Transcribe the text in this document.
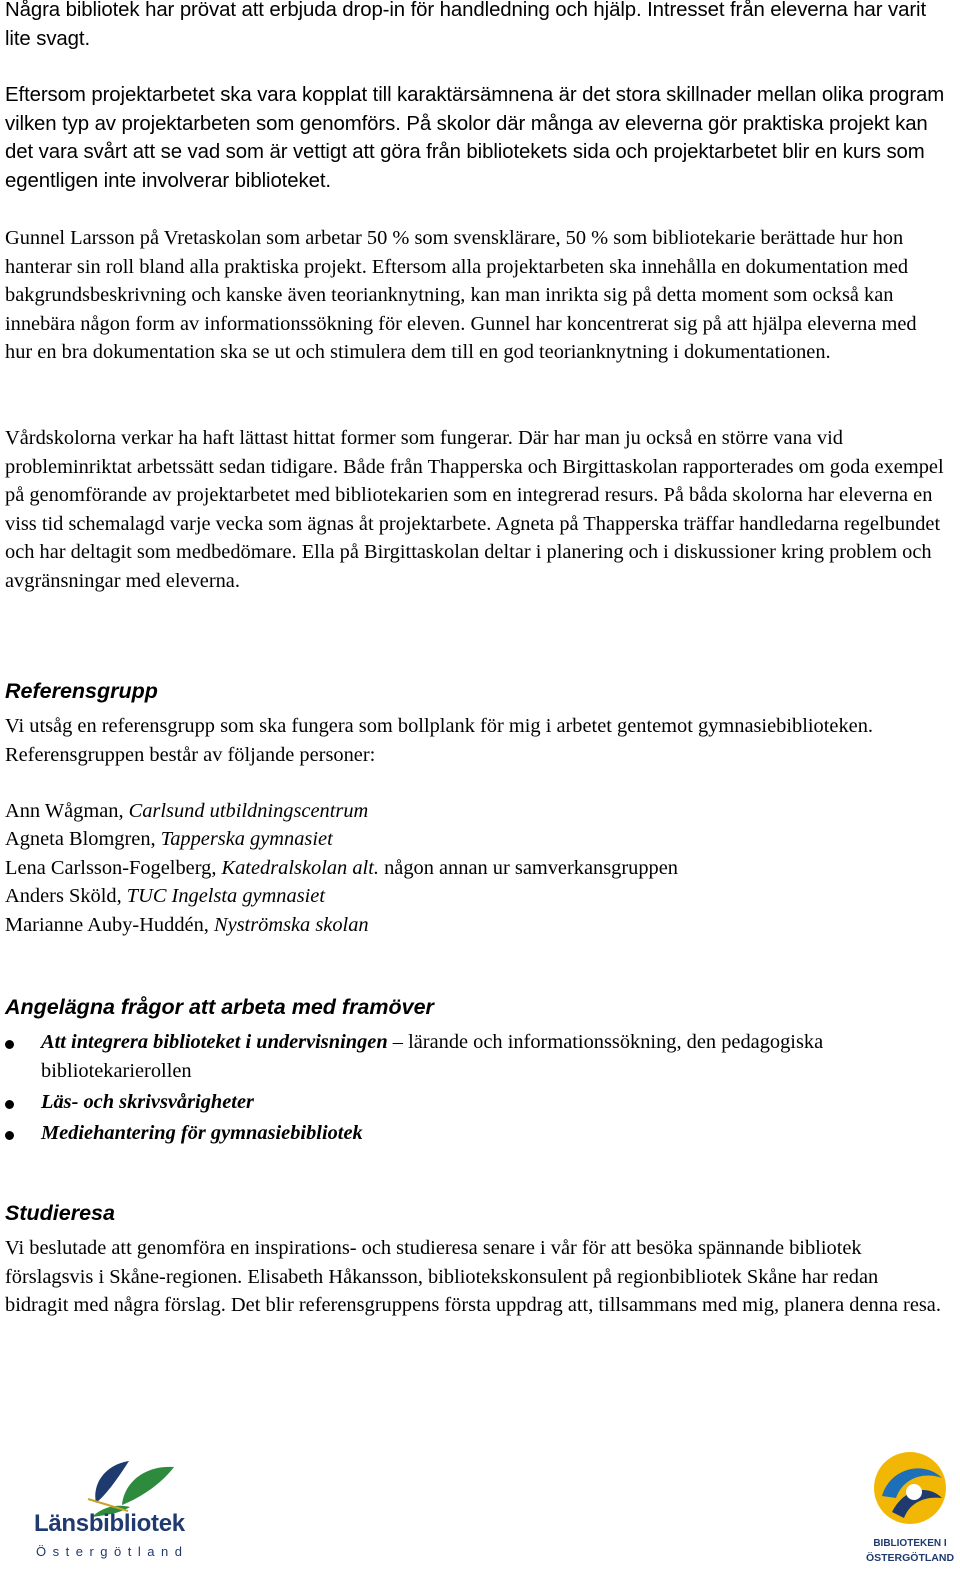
Några bibliotek har prövat att erbjuda drop-in för handledning och hjälp. Intresset från eleverna har varit lite svagt.

Eftersom projektarbetet ska vara kopplat till karaktärsämnena är det stora skillnader mellan olika program vilken typ av projektarbeten som genomförs. På skolor där många av eleverna gör praktiska projekt kan det vara svårt att se vad som är vettigt att göra från bibliotekets sida och projektarbetet blir en kurs som egentligen inte involverar biblioteket.

Gunnel Larsson på Vretaskolan som arbetar 50 % som svensklärare, 50 % som bibliotekarie berättade hur hon hanterar sin roll bland alla praktiska projekt. Eftersom alla projektarbeten ska innehålla en dokumentation med bakgrundsbeskrivning och kanske även teorianknytning, kan man inrikta sig på detta moment som också kan innebära någon form av informationssökning för eleven. Gunnel har koncentrerat sig på att hjälpa eleverna med hur en bra dokumentation ska se ut och stimulera dem till en god teorianknytning i dokumentationen.

Vårdskolorna verkar ha haft lättast hittat former som fungerar. Där har man ju också en större vana vid probleminriktat arbetssätt sedan tidigare. Både från Thapperska och Birgittaskolan rapporterades om goda exempel på genomförande av projektarbetet med bibliotekarien som en integrerad resurs. På båda skolorna har eleverna en viss tid schemalagd varje vecka som ägnas åt projektarbete. Agneta på Thapperska träffar handledarna regelbundet och har deltagit som medbedömare. Ella på Birgittaskolan deltar i planering och i diskussioner kring problem och avgränsningar med eleverna.

Referensgrupp

Vi utsåg en referensgrupp som ska fungera som bollplank för mig i arbetet gentemot gymnasiebiblioteken. Referensgruppen består av följande personer:

Ann Wågman, Carlsund utbildningscentrum
Agneta Blomgren, Tapperska gymnasiet
Lena Carlsson-Fogelberg, Katedralskolan alt. någon annan ur samverkansgruppen
Anders Sköld, TUC Ingelsta gymnasiet
Marianne Auby-Huddén, Nyströmska skolan
Angelägna frågor att arbeta med framöver
Att integrera biblioteket i undervisningen – lärande och informationssökning, den pedagogiska bibliotekarierollen
Läs- och skrivsvårigheter
Mediehantering för gymnasiebibliotek
Studieresa

Vi beslutade att genomföra en inspirations- och studieresa senare i vår för att besöka spännande bibliotek förslagsvis i Skåne-regionen. Elisabeth Håkansson, bibliotekskonsulent på regionbibliotek Skåne har redan bidragit med några förslag. Det blir referensgruppens första uppdrag att, tillsammans med mig, planera denna resa.

Länsbibliotek
Östergötland
BIBLIOTEKEN I
ÖSTERGÖTLAND
